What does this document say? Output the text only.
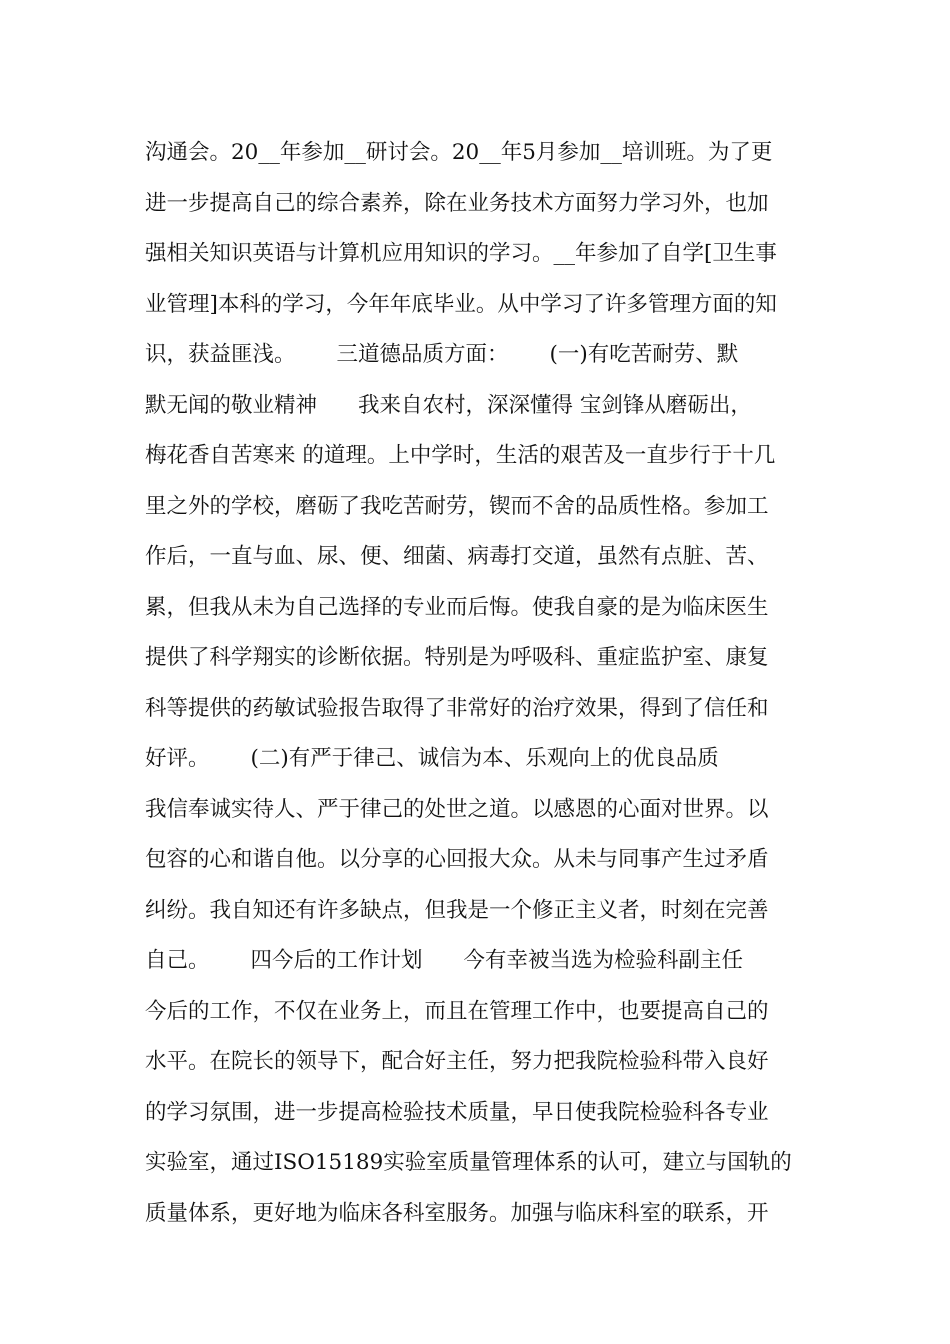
沟通会。20__年参加__研讨会。20__年5月参加__培训班。为了更
进一步提高自己的综合素养，除在业务技术方面努力学习外，也加
强相关知识英语与计算机应用知识的学习。__年参加了自学[卫生事
业管理]本科的学习，今年年底毕业。从中学习了许多管理方面的知
识，获益匪浅。      三道德品质方面：      (一)有吃苦耐劳、默
默无闻的敬业精神      我来自农村，深深懂得 宝剑锋从磨砺出，
梅花香自苦寒来 的道理。上中学时，生活的艰苦及一直步行于十几
里之外的学校，磨砺了我吃苦耐劳，锲而不舍的品质性格。参加工
作后，一直与血、尿、便、细菌、病毒打交道，虽然有点脏、苦、
累，但我从未为自己选择的专业而后悔。使我自豪的是为临床医生
提供了科学翔实的诊断依据。特别是为呼吸科、重症监护室、康复
科等提供的药敏试验报告取得了非常好的治疗效果，得到了信任和
好评。      (二)有严于律己、诚信为本、乐观向上的优良品质
我信奉诚实待人、严于律己的处世之道。以感恩的心面对世界。以
包容的心和谐自他。以分享的心回报大众。从未与同事产生过矛盾
纠纷。我自知还有许多缺点，但我是一个修正主义者，时刻在完善
自己。      四今后的工作计划      今有幸被当选为检验科副主任
今后的工作，不仅在业务上，而且在管理工作中，也要提高自己的
水平。在院长的领导下，配合好主任，努力把我院检验科带入良好
的学习氛围，进一步提高检验技术质量，早日使我院检验科各专业
实验室，通过ISO15189实验室质量管理体系的认可，建立与国轨的
质量体系，更好地为临床各科室服务。加强与临床科室的联系，开
